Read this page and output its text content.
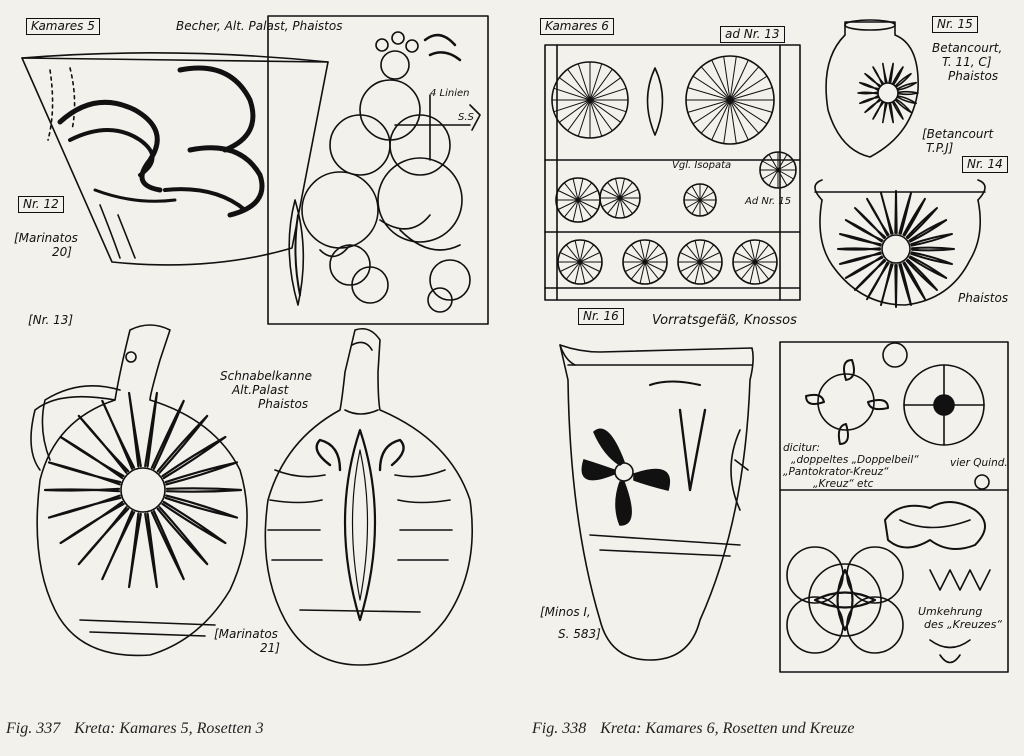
Kamares 5	Becher, Alt. Palast, Phaistos
Nr. 12
[Marinatos
20]
4 Linien
S.S
[Nr. 13]
Schnabelkanne
Alt.Palast
Phaistos
[Marinatos
21]
Kamares 6
ad Nr. 13
Vgl. Isopata
Ad Nr. 15
Nr. 15
Betancourt,
T. 11, C]
Phaistos
[Betancourt
T.P.J]
Nr. 14
Phaistos
Nr. 16	Vorratsgefäß, Knossos
[Minos I,
S. 583]
dicitur:
„doppeltes „Doppelbeil“
„Pantokrator-Kreuz“
„Kreuz“ etc
vier Quind.
Umkehrung
des „Kreuzes“
Fig. 337 Kreta: Kamares 5, Rosetten 3	Fig. 338 Kreta: Kamares 6, Rosetten und Kreuze
